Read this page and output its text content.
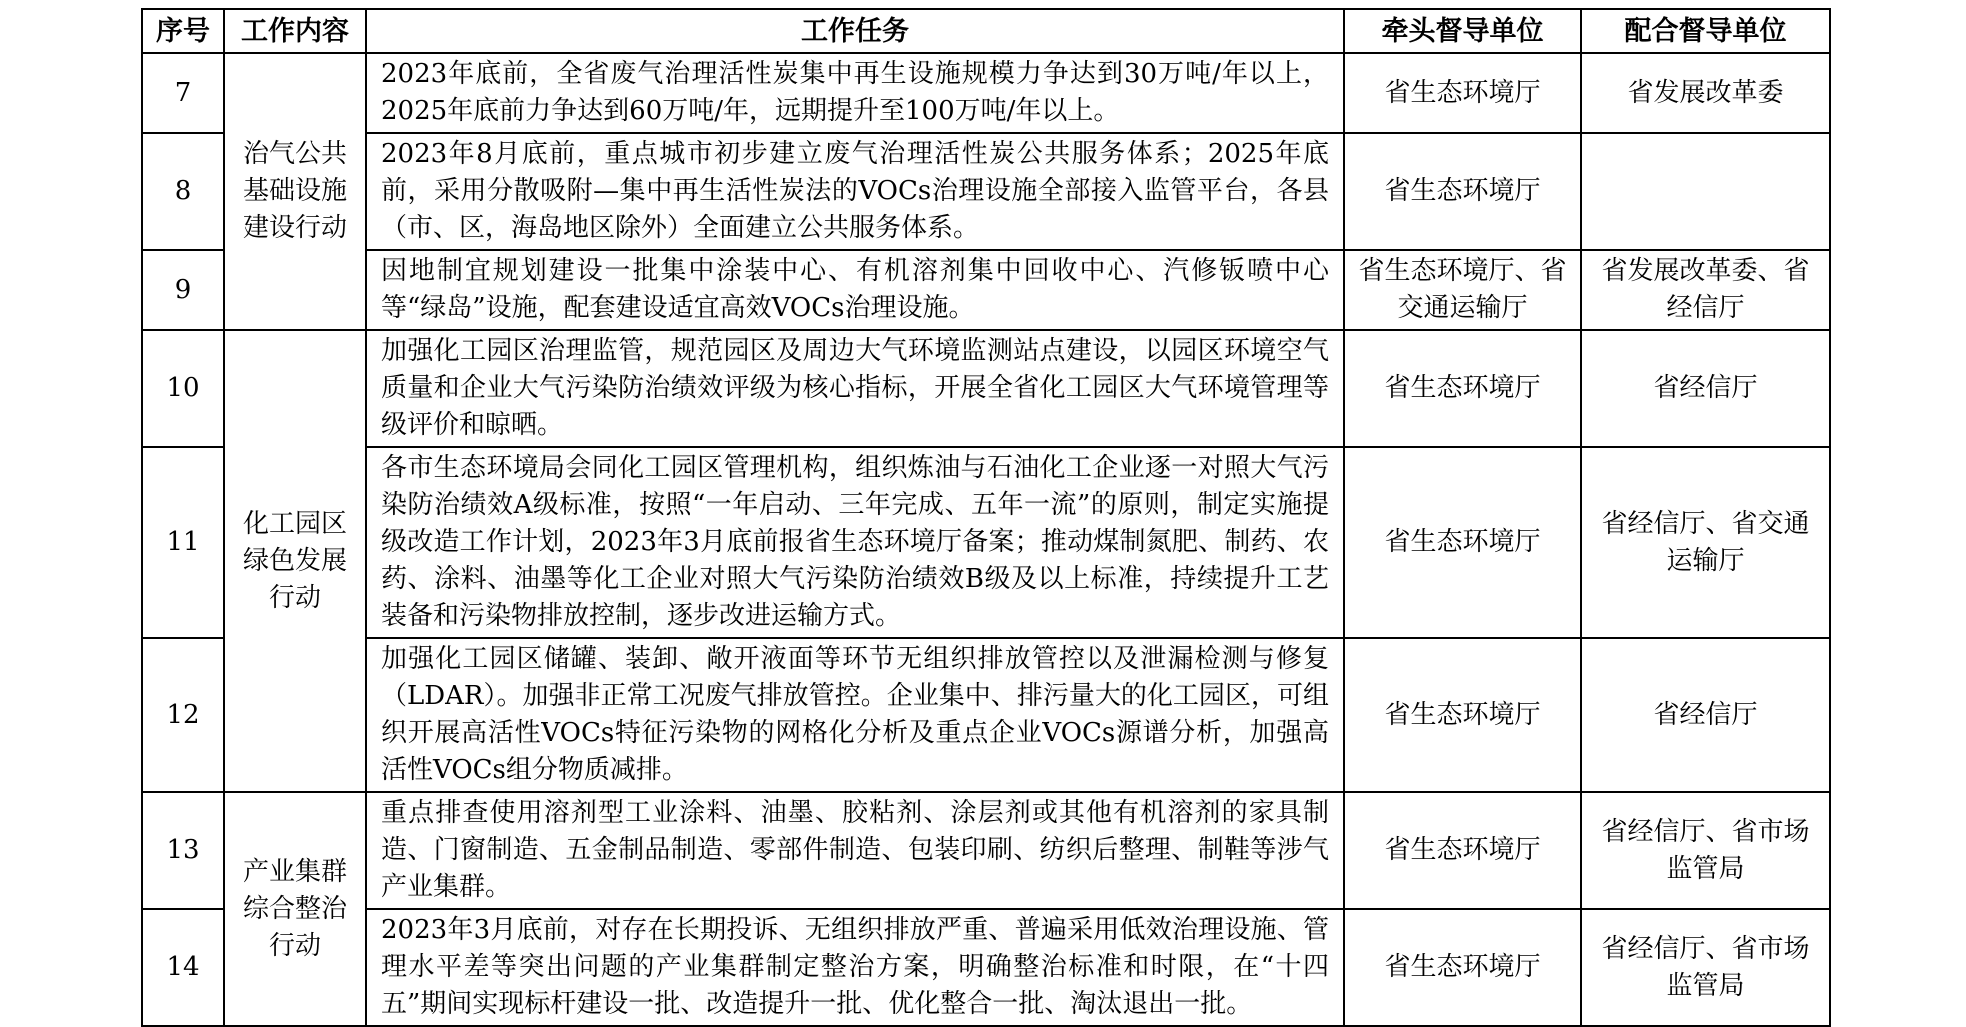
序号	工作内容	工作任务	牵头督导单位	配合督导单位
7	治气公共基础设施建设行动	2023年底前，全省废气治理活性炭集中再生设施规模力争达到30万吨/年以上，2025年底前力争达到60万吨/年，远期提升至100万吨/年以上。	省生态环境厅	省发展改革委
8		2023年8月底前，重点城市初步建立废气治理活性炭公共服务体系；2025年底前，采用分散吸附—集中再生活性炭法的VOCs治理设施全部接入监管平台，各县（市、区，海岛地区除外）全面建立公共服务体系。	省生态环境厅	
9		因地制宜规划建设一批集中涂装中心、有机溶剂集中回收中心、汽修钣喷中心等“绿岛”设施，配套建设适宜高效VOCs治理设施。	省生态环境厅、省交通运输厅	省发展改革委、省经信厅
10	化工园区绿色发展行动	加强化工园区治理监管，规范园区及周边大气环境监测站点建设，以园区环境空气质量和企业大气污染防治绩效评级为核心指标，开展全省化工园区大气环境管理等级评价和晾晒。	省生态环境厅	省经信厅
11		各市生态环境局会同化工园区管理机构，组织炼油与石油化工企业逐一对照大气污染防治绩效A级标准，按照“一年启动、三年完成、五年一流”的原则，制定实施提级改造工作计划，2023年3月底前报省生态环境厅备案；推动煤制氮肥、制药、农药、涂料、油墨等化工企业对照大气污染防治绩效B级及以上标准，持续提升工艺装备和污染物排放控制，逐步改进运输方式。	省生态环境厅	省经信厅、省交通运输厅
12		加强化工园区储罐、装卸、敞开液面等环节无组织排放管控以及泄漏检测与修复（LDAR）。加强非正常工况废气排放管控。企业集中、排污量大的化工园区，可组织开展高活性VOCs特征污染物的网格化分析及重点企业VOCs源谱分析，加强高活性VOCs组分物质减排。	省生态环境厅	省经信厅
13	产业集群综合整治行动	重点排查使用溶剂型工业涂料、油墨、胶粘剂、涂层剂或其他有机溶剂的家具制造、门窗制造、五金制品制造、零部件制造、包装印刷、纺织后整理、制鞋等涉气产业集群。	省生态环境厅	省经信厅、省市场监管局
14		2023年3月底前，对存在长期投诉、无组织排放严重、普遍采用低效治理设施、管理水平差等突出问题的产业集群制定整治方案，明确整治标准和时限，在“十四五”期间实现标杆建设一批、改造提升一批、优化整合一批、淘汰退出一批。	省生态环境厅	省经信厅、省市场监管局
